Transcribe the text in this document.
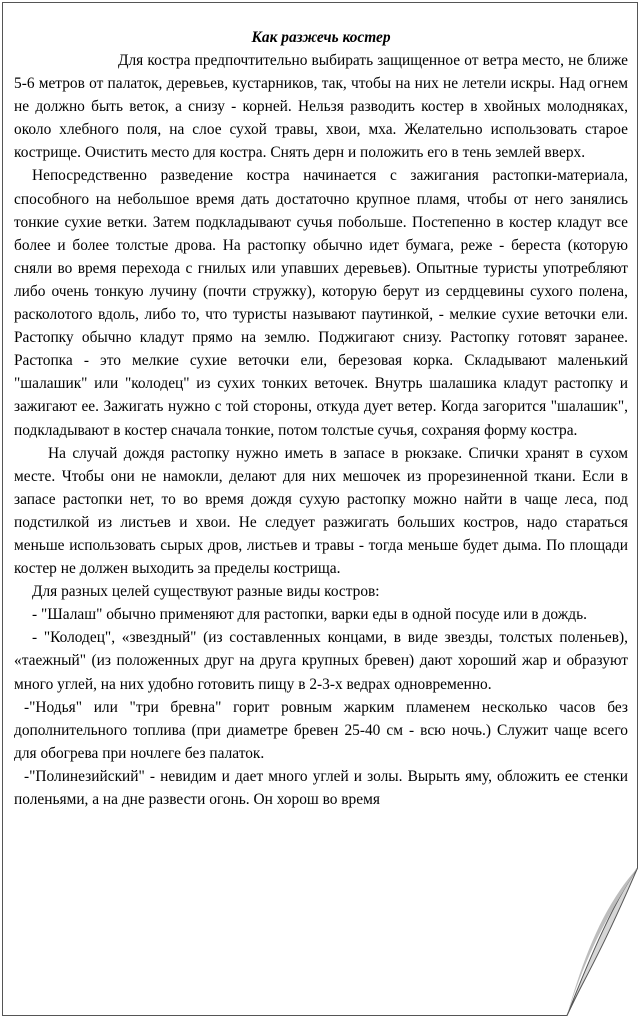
Как разжечь костер

Для костра предпочтительно выбирать защищенное от ветра место, не ближе 5-6 метров от палаток, деревьев, кустарников, так, чтобы на них не летели искры. Над огнем не должно быть веток, а снизу - корней. Нельзя разводить костер в хвойных молодняках, около хлебного поля, на слое сухой травы, хвои, мха. Желательно использовать старое кострище. Очистить место для костра. Снять дерн и положить его в тень землей вверх.

Непосредственно разведение костра начинается с зажигания растопки-материала, способного на небольшое время дать достаточно крупное пламя, чтобы от него занялись тонкие сухие ветки. Затем подкладывают сучья побольше. Постепенно в костер кладут все более и более толстые дрова. На растопку обычно идет бумага, реже - береста (которую сняли во время перехода с гнилых или упавших деревьев). Опытные туристы употребляют либо очень тонкую лучину (почти стружку), которую берут из сердцевины сухого полена, расколотого вдоль, либо то, что туристы называют паутинкой, - мелкие сухие веточки ели. Растопку обычно кладут прямо на землю. Поджигают снизу. Растопку готовят заранее. Растопка - это мелкие сухие веточки ели, березовая корка. Складывают маленький "шалашик" или "колодец" из сухих тонких веточек. Внутрь шалашика кладут растопку и зажигают ее. Зажигать нужно с той стороны, откуда дует ветер. Когда загорится "шалашик", подкладывают в костер сначала тонкие, потом толстые сучья, сохраняя форму костра.

На случай дождя растопку нужно иметь в запасе в рюкзаке. Спички хранят в сухом месте. Чтобы они не намокли, делают для них мешочек из прорезиненной ткани. Если в запасе растопки нет, то во время дождя сухую растопку можно найти в чаще леса, под подстилкой из листьев и хвои. Не следует разжигать больших костров, надо стараться меньше использовать сырых дров, листьев и травы - тогда меньше будет дыма. По площади костер не должен выходить за пределы кострища.

Для разных целей существуют разные виды костров:

- "Шалаш" обычно применяют для растопки, варки еды в одной посуде или в дождь.

- "Колодец", «звездный" (из составленных концами, в виде звезды, толстых поленьев), «таежный" (из положенных друг на друга крупных бревен) дают хороший жар и образуют много углей, на них удобно готовить пищу в 2-3-х ведрах одновременно.

-"Нодья" или "три бревна" горит ровным жарким пламенем несколько часов без дополнительного топлива (при диаметре бревен 25-40 см - всю ночь.) Служит чаще всего для обогрева при ночлеге без палаток.

-"Полинезийский" - невидим и дает много углей и золы. Вырыть яму, обложить ее стенки поленьями, а на дне развести огонь. Он хорош во время
